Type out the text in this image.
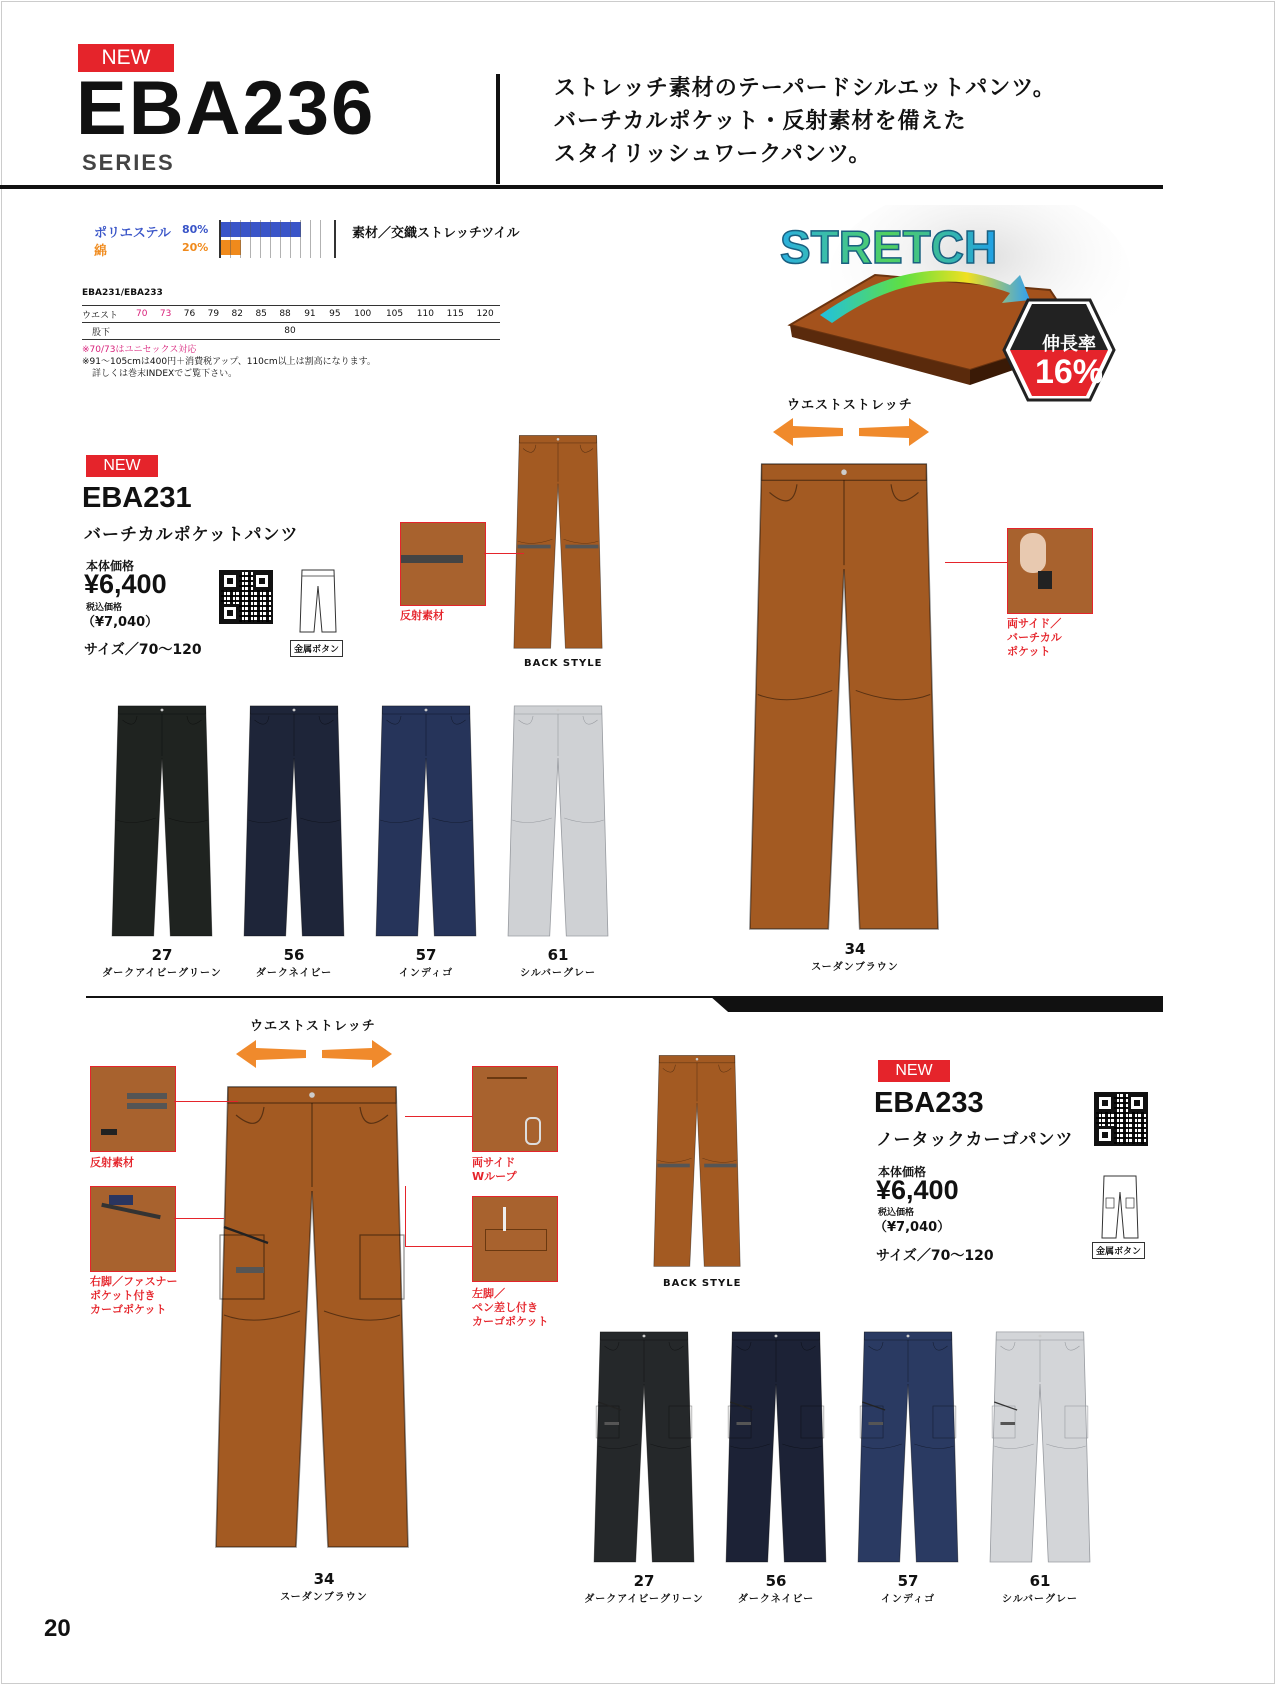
NEW
EBA236
SERIES
ストレッチ素材のテーパードシルエットパンツ。
バーチカルポケット・反射素材を備えた
スタイリッシュワークパンツ。
ポリエステル 80%
綿	20%
素材／交織ストレッチツイル
EBA231/EBA233
ウエスト	70	73	76	79	82	85	88	91	95	100	105	110	115	120
股下	80
※70/73はユニセックス対応
※91～105cmは400円＋消費税アップ、110cm以上は割高になります。
詳しくは巻末INDEXでご覧下さい。
STRETCH
伸長率
16%
NEW
EBA231
バーチカルポケットパンツ
本体価格
¥6,400
税込価格
（¥7,040）
サイズ／70～120	金属ボタン
BACK STYLE
反射素材
ウエストストレッチ
両サイド／
バーチカル
ポケット
34
スーダンブラウン
27
ダークアイビーグリーン
56
ダークネイビー
57
インディゴ
61
シルバーグレー
ウエストストレッチ
34
スーダンブラウン
反射素材
右脚／ファスナー
ポケット付き
カーゴポケット
両サイド
Wループ
左脚／
ペン差し付き
カーゴポケット
BACK STYLE
NEW
EBA233
ノータックカーゴパンツ
本体価格
¥6,400
税込価格
（¥7,040）
サイズ／70～120	金属ボタン
27
ダークアイビーグリーン
56
ダークネイビー
57
インディゴ
61
シルバーグレー
20
